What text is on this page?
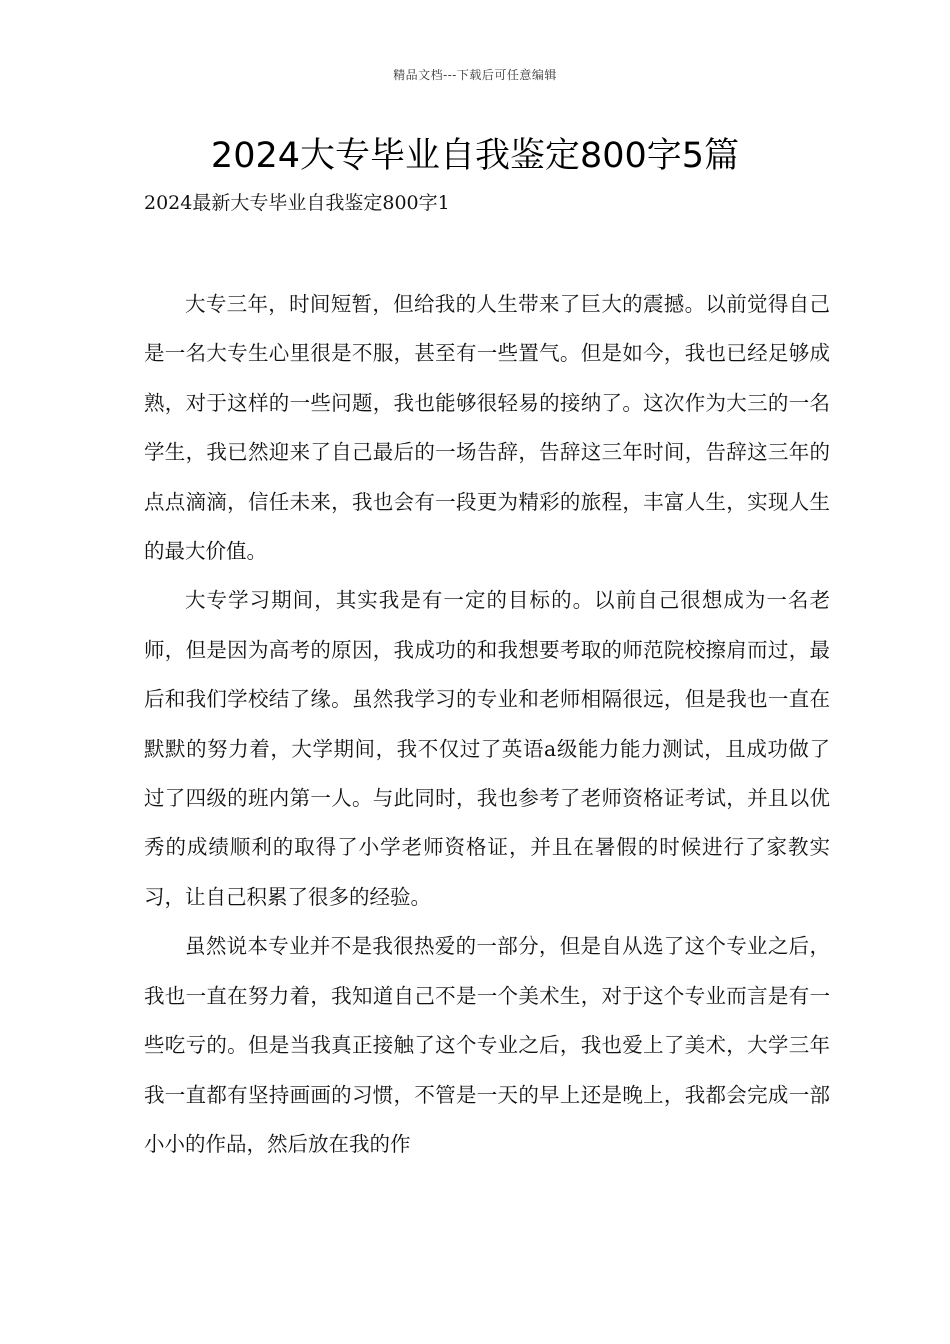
精品文档---下载后可任意编辑
2024大专毕业自我鉴定800字5篇
2024最新大专毕业自我鉴定800字1

大专三年，时间短暂，但给我的人生带来了巨大的震撼。以前觉得自己是一名大专生心里很是不服，甚至有一些置气。但是如今，我也已经足够成熟，对于这样的一些问题，我也能够很轻易的接纳了。这次作为大三的一名学生，我已然迎来了自己最后的一场告辞，告辞这三年时间，告辞这三年的点点滴滴，信任未来，我也会有一段更为精彩的旅程，丰富人生，实现人生的最大价值。

大专学习期间，其实我是有一定的目标的。以前自己很想成为一名老师，但是因为高考的原因，我成功的和我想要考取的师范院校擦肩而过，最后和我们学校结了缘。虽然我学习的专业和老师相隔很远，但是我也一直在默默的努力着，大学期间，我不仅过了英语a级能力能力测试，且成功做了过了四级的班内第一人。与此同时，我也参考了老师资格证考试，并且以优秀的成绩顺利的取得了小学老师资格证，并且在暑假的时候进行了家教实习，让自己积累了很多的经验。

虽然说本专业并不是我很热爱的一部分，但是自从选了这个专业之后，我也一直在努力着，我知道自己不是一个美术生，对于这个专业而言是有一些吃亏的。但是当我真正接触了这个专业之后，我也爱上了美术，大学三年我一直都有坚持画画的习惯，不管是一天的早上还是晚上，我都会完成一部小小的作品，然后放在我的作
